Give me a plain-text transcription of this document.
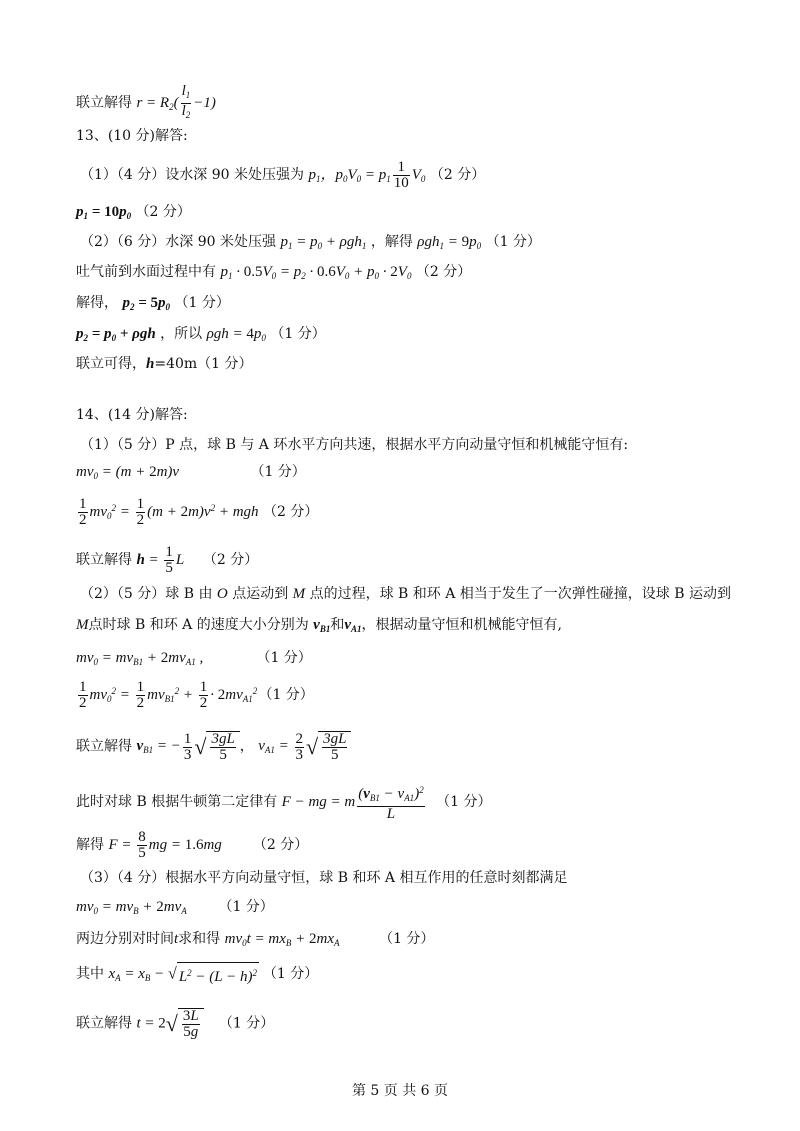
联立解得 $r = R_2( \frac{l_1}{l_2} -1)$
13、(10 分)解答:
（1）（4 分）设水深 90 米处压强为 $p_1$，$p_0V_0 = p_1 \frac{1}{10} V_0$ （2 分）
$p_1 = 10p_0$ （2 分）
（2）（6 分）水深 90 米处压强 $p_1 = p_0 + \rho gh_1$ ，解得 $\rho gh_1 = 9p_0$ （1 分）
吐气前到水面过程中有 $p_1 \cdot 0.5V_0 = p_2 \cdot 0.6V_0 + p_0 \cdot 2V_0$ （2 分）
解得， $p_2 = 5p_0$ （1 分）
$p_2 = p_0 + \rho gh$ ，所以 $\rho gh = 4p_0$ （1 分）
联立可得，h=40m（1 分）
14、(14 分)解答:
（1）（5 分）P 点，球 B 与 A 环水平方向共速，根据水平方向动量守恒和机械能守恒有:
$mv_0 = (m + 2m)v$	（1 分）
$\frac{1}{2} mv_0^2 = \frac{1}{2} (m + 2m)v^2$ + mgh （2 分）
联立解得 $h = \frac{1}{5}$ L （2 分）
（2）（5 分）球 B 由 O 点运动到 M 点的过程，球 B 和环 A 相当于发生了一次弹性碰撞，设球 B 运动到
M点时球 B 和环 A 的速度大小分别为 $v_{B1}$和$v_{A1}$，根据动量守恒和机械能守恒有,
$mv_0 = mv_{B1} + 2mv_{A1}$ ,	（1 分）
$\frac{1}{2} mv_0^2 = \frac{1}{2} mv_{B1}^2 + \frac{1}{2} \cdot 2mv_{A1}^2$ （1 分）
联立解得 $v_{B1}$ = − $\frac{1}{3}$ √ $\frac{3gL}{5}$ ， $v_{A1} = \frac{2}{3}$ √ $\frac{3gL}{5}$
此时对球 B 根据牛顿第二定律有 F − mg = m $\frac{(v_{B1} - v_{A1})^2}{L} (1$ 分）
解得 $F = \frac{8}{5}$ mg = 1.6mg （2 分）
（3）（4 分）根据水平方向动量守恒，球 B 和环 A 相互作用的任意时刻都满足
$mv_0 = mv_B + 2mv_A$ （1 分）
两边分别对时间t求和得 $mv_0t = mx_B + 2mx_A$	（1 分）
其中 $x_A = x_B$ − √ $L^2 - (L - h)^2$ （1 分）
联立解得 $t = 2√ \frac{3L}{5g} (1$ 分）
第 5 页 共 6 页
